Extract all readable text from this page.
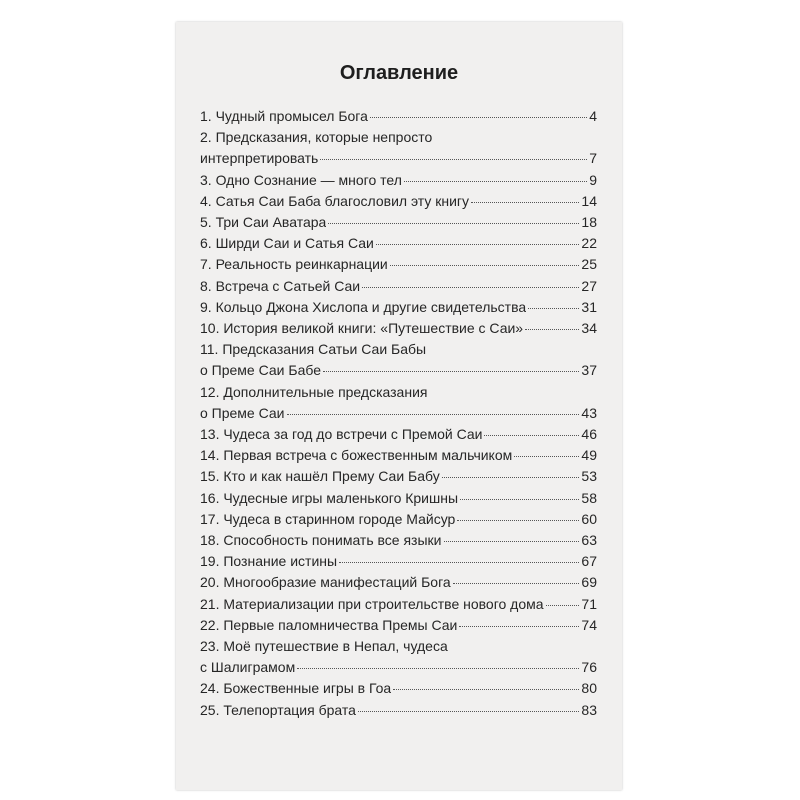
Оглавление
1. Чудный промысел Бога	4
2. Предсказания, которые непросто
интерпретировать	7
3. Одно Сознание — много тел	9
4. Сатья Саи Баба благословил эту книгу	14
5. Три Саи Аватара	18
6. Ширди Саи и Сатья Саи	22
7. Реальность реинкарнации	25
8. Встреча с Сатьей Саи	27
9. Кольцо Джона Хислопа и другие свидетельства	31
10. История великой книги: «Путешествие с Саи»	34
11. Предсказания Сатьи Саи Бабы
о Преме Саи Бабе	37
12. Дополнительные предсказания
о Преме Саи	43
13. Чудеса за год до встречи с Премой Саи	46
14. Первая встреча с божественным мальчиком	49
15. Кто и как нашёл Прему Саи Бабу	53
16. Чудесные игры маленького Кришны	58
17. Чудеса в старинном городе Майсур	60
18. Способность понимать все языки	63
19. Познание истины	67
20. Многообразие манифестаций Бога	69
21. Материализации при строительстве нового дома	71
22. Первые паломничества Премы Саи	74
23. Моё путешествие в Непал, чудеса
с Шалиграмом	76
24. Божественные игры в Гоа	80
25. Телепортация брата	83
